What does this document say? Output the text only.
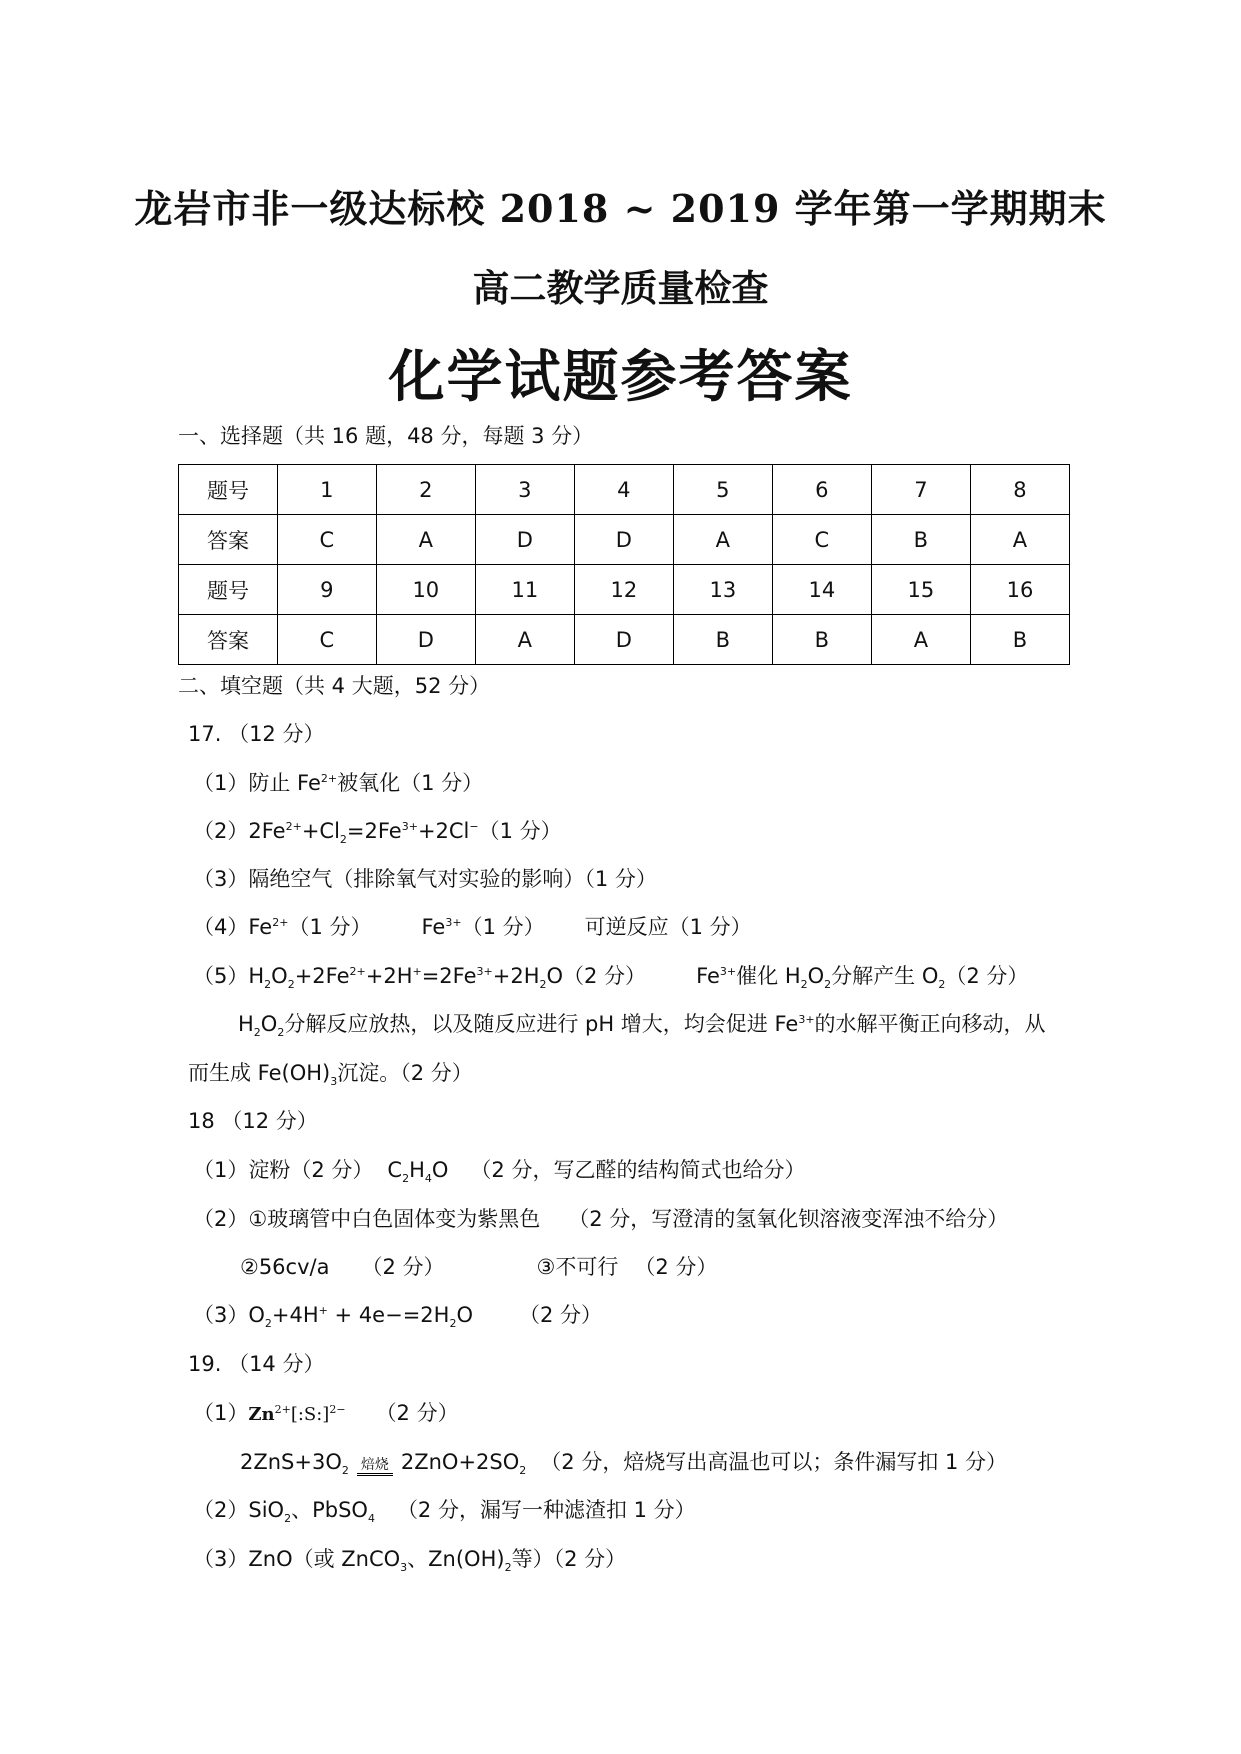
龙岩市非一级达标校 2018 ~ 2019 学年第一学期期末
高二教学质量检查
化学试题参考答案
一、选择题（共 16 题，48 分，每题 3 分）
题号	1	2	3	4	5	6	7	8
答案	C	A	D	D	A	C	B	A
题号	9	10	11	12	13	14	15	16
答案	C	D	A	D	B	B	A	B
二、填空题（共 4 大题，52 分）
17. （12 分）
（1）防止 $Fe^{2+}$被氧化（1 分）
$(2)2Fe^{2+}+Cl_2=2Fe^{3+}+2Cl^-(1$ 分）
（3）隔绝空气（排除氧气对实验的影响）（1 分）
$(4)Fe^{2+}(1$ 分） $Fe^{3+}(1$ 分） 可逆反应（1 分）
$(5)H_2O_2+2Fe^{2+}+2H^+=2Fe^{3+}+2H_2O(2$ 分） $Fe^{3+}$催化 $H_2O_2$分解产生 $O_2(2$ 分）
$H_2O_2$分解反应放热，以及随反应进行 pH 增大，均会促进 $Fe^{3+}$的水解平衡正向移动，从
而生成 $Fe(OH)_3$沉淀。（2 分）
18 （12 分）
（1）淀粉（2 分） $C_2H_4O$ （2 分，写乙醛的结构简式也给分）
（2）①玻璃管中白色固体变为紫黑色 （2 分，写澄清的氢氧化钡溶液变浑浊不给分）
②56cv/a （2 分）	③不可行 （2 分）
$(3)O_2+4H^+ + 4e-=2H_2O$ （2 分）
19. （14 分）
$(1)Zn^{2+}[:S:]^{2-}$ （2 分）
$2ZnS+3O_2$ 焙烧 $2ZnO+2SO_2$ （2 分，焙烧写出高温也可以；条件漏写扣 1 分）
（2）SiO$_2$、PbSO$_4$ （2 分，漏写一种滤渣扣 1 分）
（3）ZnO（或 ZnCO$_3$、$Zn(OH)_2$等）（2 分）
